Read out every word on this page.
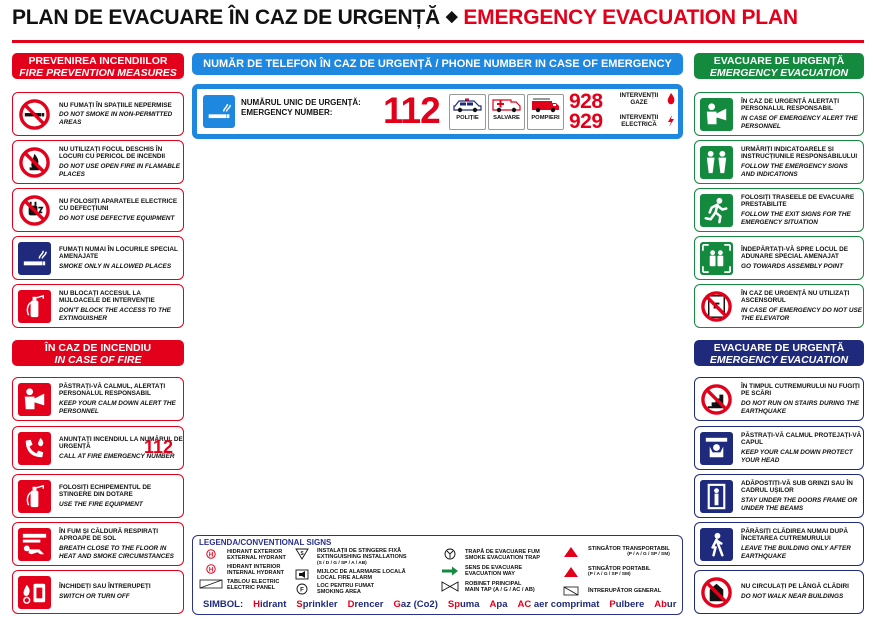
PLAN DE EVACUARE ÎN CAZ DE URGENȚĂ ◆ EMERGENCY EVACUATION PLAN
PREVENIREA INCENDIILOR
FIRE PREVENTION MEASURES
NU FUMAȚI ÎN SPAȚIILE NEPERMISE
DO NOT SMOKE IN NON-PERMITTED AREAS
NU UTILIZAȚI FOCUL DESCHIS ÎN LOCURI CU PERICOL DE INCENDII
DO NOT USE OPEN FIRE IN FLAMABLE PLACES
NU FOLOSIȚI APARATELE ELECTRICE CU DEFECȚIUNI
DO NOT USE DEFECTVE EQUIPMENT
FUMAȚI NUMAI ÎN LOCURILE SPECIAL AMENAJATE
SMOKE ONLY IN ALLOWED PLACES
NU BLOCAȚI ACCESUL LA MIJLOACELE DE INTERVENȚIE
DON'T BLOCK THE ACCESS TO THE EXTINGUISHER
ÎN CAZ DE INCENDIU
IN CASE OF FIRE
PĂSTRAȚI-VĂ CALMUL, ALERTAȚI PERSONALUL RESPONSABIL
KEEP YOUR CALM DOWN ALERT THE PERSONNEL
ANUNȚAȚI INCENDIUL LA NUMĂRUL DE URGENȚĂ
CALL AT FIRE EMERGENCY NUMBER
112
FOLOSIȚI ECHIPEMENTUL DE STINGERE DIN DOTARE
USE THE FIRE EQUIPMENT
ÎN FUM ȘI CĂLDURĂ RESPIRAȚI APROAPE DE SOL
BREATH CLOSE TO THE FLOOR IN HEAT AND SMOKE CIRCUMSTANCES
ÎNCHIDEȚI SAU ÎNTRERUPEȚI
SWITCH OR TURN OFF
NUMĂR DE TELEFON ÎN CAZ DE URGENȚĂ / PHONE NUMBER IN CASE OF EMERGENCY
NUMĂRUL UNIC DE URGENȚĂ:
EMERGENCY NUMBER:	112	POLIȚIE	SALVARE	POMPIERI
928	INTERVENȚII GAZE
929	INTERVENȚII ELECTRICĂ
LEGENDA/CONVENTIONAL SIGNS
H
HIDRANT EXTERIOR
EXTERNAL HYDRANT
H
HIDRANT INTERIOR
INTERNAL HYDRANT
TABLOU ELECTRIC
ELECTRIC PANEL
S INSTALAȚII DE STINGERE FIXĂ
EXTINGUISHING INSTALLATIONS
(S / D / G / SP / A / AB)
MIJLOC DE ALARMARE LOCALĂ
LOCAL FIRE ALARM
F
LOC PENTRU FUMAT
SMOKING AREA
TRAPĂ DE EVACUARE FUM
SMOKE EVACUATION TRAP
SENS DE EVACUARE
EVACUATION WAY
ROBINET PRINCIPAL
MAIN TAP (A / G / AC / AB)
STINGĂTOR TRANSPORTABIL
(P / A / G / SP / SM)
STINGĂTOR PORTABIL
(P / A / G / SP / SM)
ÎNTRERUPĂTOR GENERAL
SIMBOL: Hidrant Sprinkler Drencer Gaz (Co2) Spuma Apa AC aer comprimat Pulbere Abur
EVACUARE DE URGENȚĂ
EMERGENCY EVACUATION
ÎN CAZ DE URGENȚĂ ALERTAȚI PERSONALUL RESPONSABIL
IN CASE OF EMERGENCY ALERT THE PERSONNEL
URMĂRIȚI INDICATOARELE ȘI INSTRUCȚIUNILE RESPONSABILULUI
FOLLOW THE EMERGENCY SIGNS AND INDICATIONS
FOLOSIȚI TRASEELE DE EVACUARE PRESTABILITE
FOLLOW THE EXIT SIGNS FOR THE EMERGENCY SITUATION
ÎNDEPĂRTAȚI-VĂ SPRE LOCUL DE ADUNARE SPECIAL AMENAJAT
GO TOWARDS ASSEMBLY POINT
ÎN CAZ DE URGENȚĂ NU UTILIZAȚI ASCENSORUL
IN CASE OF EMERGENCY DO NOT USE THE ELEVATOR
EVACUARE DE URGENȚĂ
EMERGENCY EVACUATION
ÎN TIMPUL CUTREMURULUI NU FUGIȚI PE SCĂRI
DO NOT RUN ON STAIRS DURING THE EARTHQUAKE
PĂSTRAȚI-VĂ CALMUL PROTEJAȚI-VĂ CAPUL
KEEP YOUR CALM DOWN PROTECT YOUR HEAD
ADĂPOSTIȚI-VĂ SUB GRINZI SAU ÎN CADRUL UȘILOR
STAY UNDER THE DOORS FRAME OR UNDER THE BEAMS
PĂRĂSIȚI CLĂDIREA NUMAI DUPĂ ÎNCETAREA CUTREMURULUI
LEAVE THE BUILDING ONLY AFTER EARTHQUAKE
NU CIRCULAȚI PE LÂNGĂ CLĂDIRI
DO NOT WALK NEAR BUILDINGS
